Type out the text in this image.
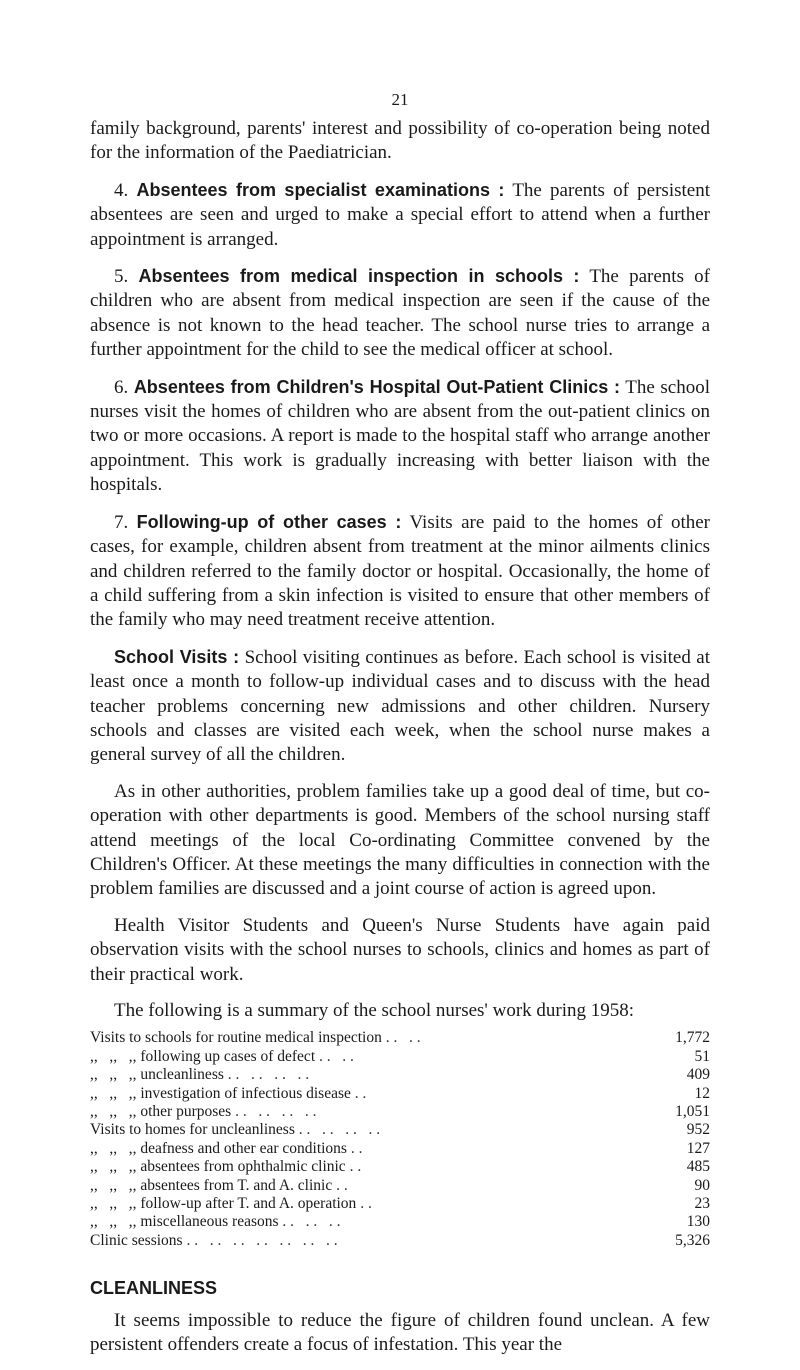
21

family background, parents' interest and possibility of co-operation being noted for the information of the Paediatrician.

4. Absentees from specialist examinations : The parents of persistent absentees are seen and urged to make a special effort to attend when a further appointment is arranged.

5. Absentees from medical inspection in schools : The parents of children who are absent from medical inspection are seen if the cause of the absence is not known to the head teacher. The school nurse tries to arrange a further appointment for the child to see the medical officer at school.

6. Absentees from Children's Hospital Out-Patient Clinics : The school nurses visit the homes of children who are absent from the out-patient clinics on two or more occasions. A report is made to the hospital staff who arrange another appointment. This work is gradually increasing with better liaison with the hospitals.

7. Following-up of other cases : Visits are paid to the homes of other cases, for example, children absent from treatment at the minor ailments clinics and children referred to the family doctor or hospital. Occasionally, the home of a child suffering from a skin infection is visited to ensure that other members of the family who may need treatment receive attention.

School Visits : School visiting continues as before. Each school is visited at least once a month to follow-up individual cases and to discuss with the head teacher problems concerning new admissions and other children. Nursery schools and classes are visited each week, when the school nurse makes a general survey of all the children.

As in other authorities, problem families take up a good deal of time, but co-operation with other departments is good. Members of the school nursing staff attend meetings of the local Co-ordinating Committee convened by the Children's Officer. At these meetings the many difficulties in connection with the problem families are discussed and a joint course of action is agreed upon.

Health Visitor Students and Queen's Nurse Students have again paid observation visits with the school nurses to schools, clinics and homes as part of their practical work.

The following is a summary of the school nurses' work during 1958:

Visits to schools for routine medical inspection . .   . .	1,772
,,   ,,   ,, following up cases of defect . .   . .	51
,,   ,,   ,, uncleanliness . .   . .   . .   . .	409
,,   ,,   ,, investigation of infectious disease . .	12
,,   ,,   ,, other purposes . .   . .   . .   . .	1,051
Visits to homes for uncleanliness . .   . .   . .   . .	952
,,   ,,   ,, deafness and other ear conditions . .	127
,,   ,,   ,, absentees from ophthalmic clinic . .	485
,,   ,,   ,, absentees from T. and A. clinic . .	90
,,   ,,   ,, follow-up after T. and A. operation . .	23
,,   ,,   ,, miscellaneous reasons . .   . .   . .	130
Clinic sessions . .   . .   . .   . .   . .   . .   . .	5,326
CLEANLINESS

It seems impossible to reduce the figure of children found unclean. A few persistent offenders create a focus of infestation. This year the
